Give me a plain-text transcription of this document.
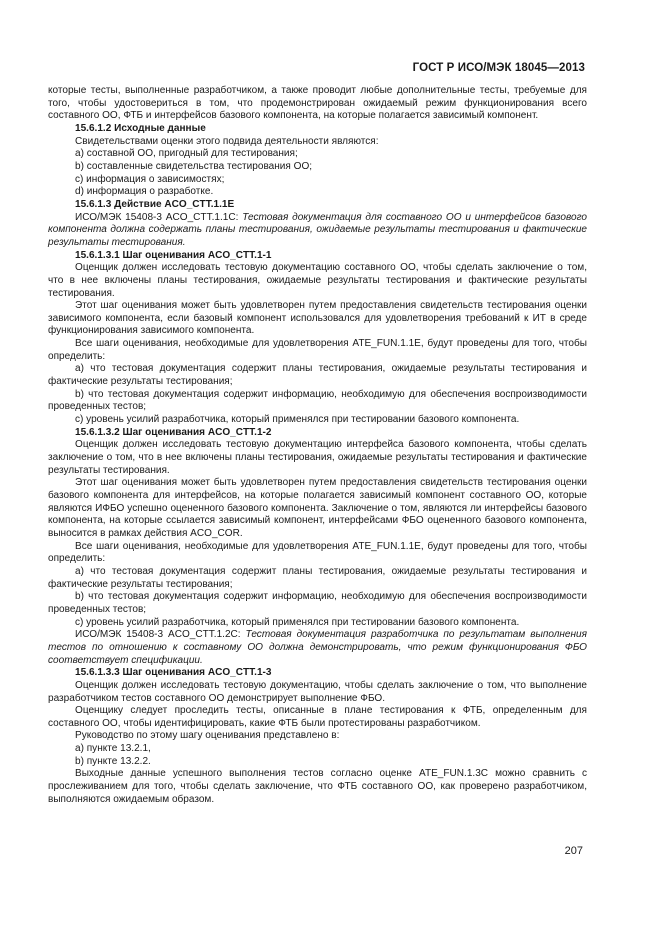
ГОСТ Р ИСО/МЭК 18045—2013

которые тесты, выполненные разработчиком, а также проводит любые дополнительные тесты, требуемые для того, чтобы удостовериться в том, что продемонстрирован ожидаемый режим функционирования всего составного ОО, ФТБ и интерфейсов базового компонента, на которые полагается зависимый компонент.

15.6.1.2 Исходные данные

Свидетельствами оценки этого подвида деятельности являются:

a) составной ОО, пригодный для тестирования;

b) составленные свидетельства тестирования ОО;

c) информация о зависимостях;

d) информация о разработке.

15.6.1.3 Действие ACO_CTT.1.1E

ИСО/МЭК 15408-3 ACO_CTT.1.1C: Тестовая документация для составного ОО и интерфейсов базового компонента должна содержать планы тестирования, ожидаемые результаты тестирования и фактические результаты тестирования.

15.6.1.3.1 Шаг оценивания ACO_CTT.1-1

Оценщик должен исследовать тестовую документацию составного ОО, чтобы сделать заключение о том, что в нее включены планы тестирования, ожидаемые результаты тестирования и фактические результаты тестирования.

Этот шаг оценивания может быть удовлетворен путем предоставления свидетельств тестирования оценки зависимого компонента, если базовый компонент использовался для удовлетворения требований к ИТ в среде функционирования зависимого компонента.

Все шаги оценивания, необходимые для удовлетворения ATE_FUN.1.1E, будут проведены для того, чтобы определить:

a) что тестовая документация содержит планы тестирования, ожидаемые результаты тестирования и фактические результаты тестирования;

b) что тестовая документация содержит информацию, необходимую для обеспечения воспроизводимости проведенных тестов;

c) уровень усилий разработчика, который применялся при тестировании базового компонента.

15.6.1.3.2 Шаг оценивания ACO_CTT.1-2

Оценщик должен исследовать тестовую документацию интерфейса базового компонента, чтобы сделать заключение о том, что в нее включены планы тестирования, ожидаемые результаты тестирования и фактические результаты тестирования.

Этот шаг оценивания может быть удовлетворен путем предоставления свидетельств тестирования оценки базового компонента для интерфейсов, на которые полагается зависимый компонент составного ОО, которые являются ИФБО успешно оцененного базового компонента. Заключение о том, являются ли интерфейсы базового компонента, на которые ссылается зависимый компонент, интерфейсами ФБО оцененного базового компонента, выносится в рамках действия ACO_COR.

Все шаги оценивания, необходимые для удовлетворения ATE_FUN.1.1E, будут проведены для того, чтобы определить:

a) что тестовая документация содержит планы тестирования, ожидаемые результаты тестирования и фактические результаты тестирования;

b) что тестовая документация содержит информацию, необходимую для обеспечения воспроизводимости проведенных тестов;

c) уровень усилий разработчика, который применялся при тестировании базового компонента.

ИСО/МЭК 15408-3 ACO_CTT.1.2C: Тестовая документация разработчика по результатам выполнения тестов по отношению к составному ОО должна демонстрировать, что режим функционирования ФБО соответствует спецификации.

15.6.1.3.3 Шаг оценивания ACO_CTT.1-3

Оценщик должен исследовать тестовую документацию, чтобы сделать заключение о том, что выполнение разработчиком тестов составного ОО демонстрирует выполнение ФБО.

Оценщику следует проследить тесты, описанные в плане тестирования к ФТБ, определенным для составного ОО, чтобы идентифицировать, какие ФТБ были протестированы разработчиком.

Руководство по этому шагу оценивания представлено в:

a) пункте 13.2.1,

b) пункте 13.2.2.

Выходные данные успешного выполнения тестов согласно оценке ATE_FUN.1.3C можно сравнить с прослеживанием для того, чтобы сделать заключение, что ФТБ составного ОО, как проверено разработчиком, выполняются ожидаемым образом.

207
